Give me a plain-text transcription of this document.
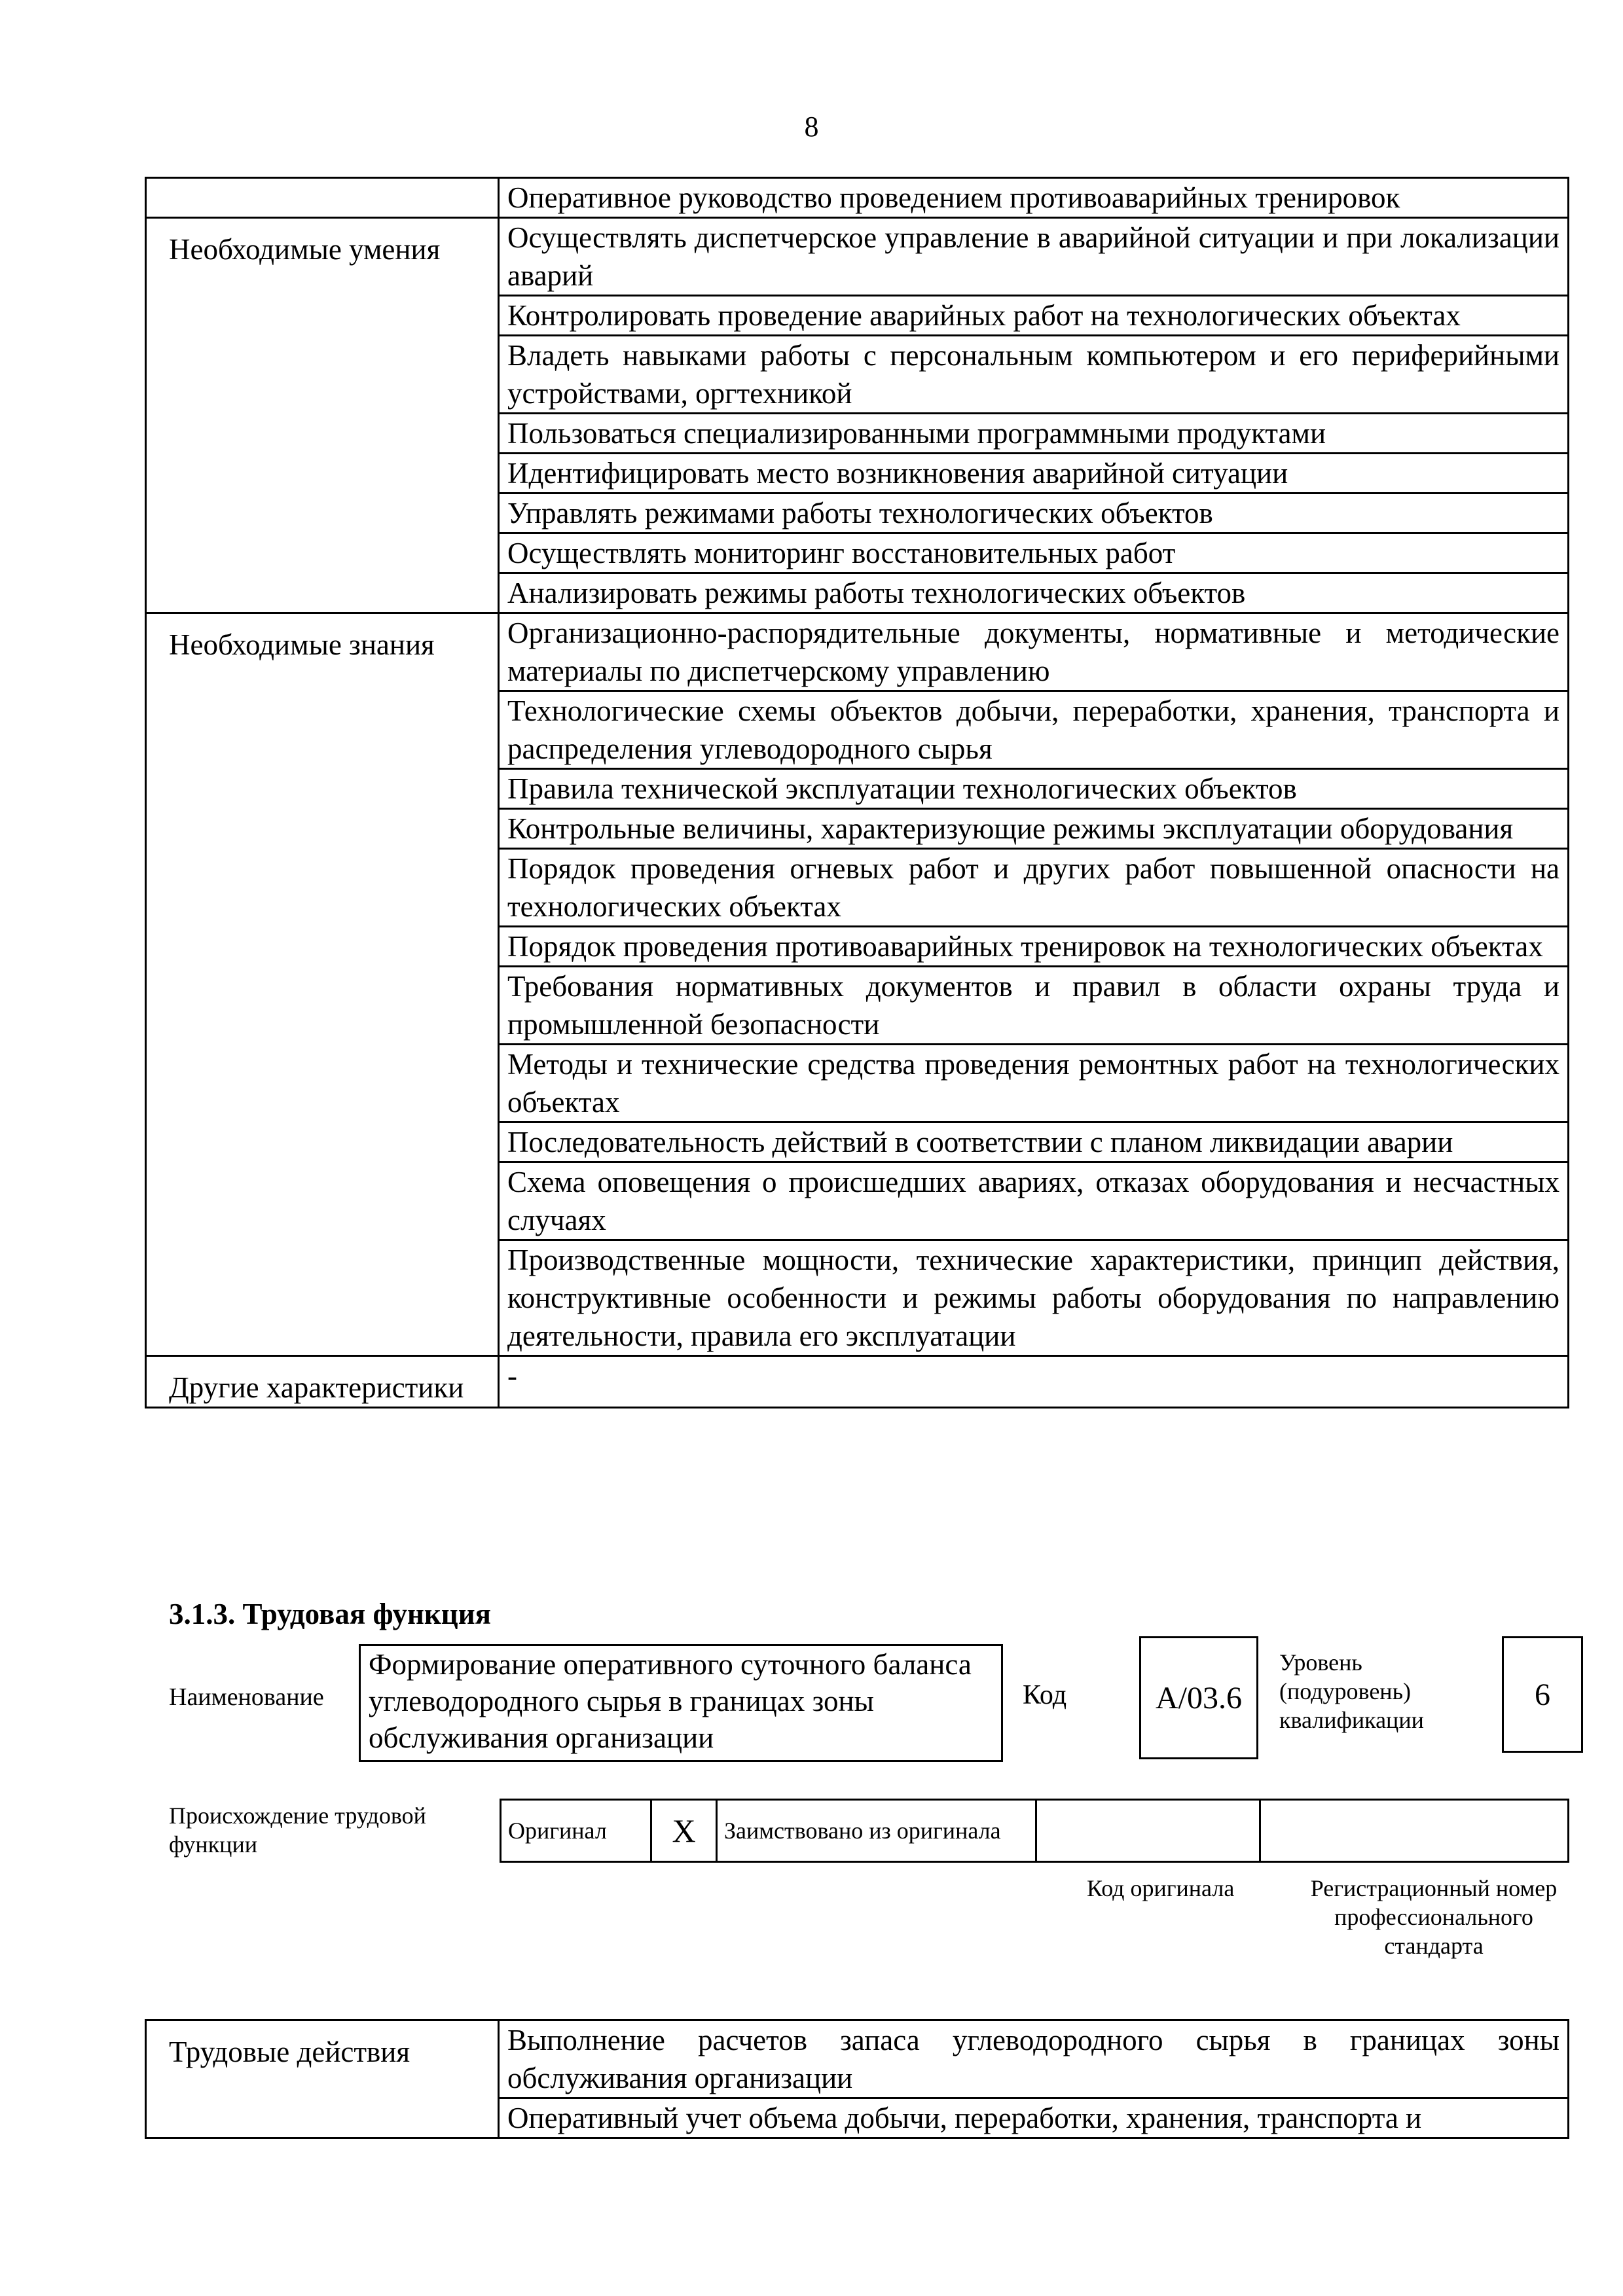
8
	Оперативное руководство проведением противоаварийных тренировок
Необходимые умения	Осуществлять диспетчерское управление в аварийной ситуации и при локализации аварий
	Контролировать проведение аварийных работ на технологических объектах
	Владеть навыками работы с персональным компьютером и его периферийными устройствами, оргтехникой
	Пользоваться специализированными программными продуктами
	Идентифицировать место возникновения аварийной ситуации
	Управлять режимами работы технологических объектов
	Осуществлять мониторинг восстановительных работ
	Анализировать режимы работы технологических объектов
Необходимые знания	Организационно-распорядительные документы, нормативные и методические материалы по диспетчерскому управлению
	Технологические схемы объектов добычи, переработки, хранения, транспорта и распределения углеводородного сырья
	Правила технической эксплуатации технологических объектов
	Контрольные величины, характеризующие режимы эксплуатации оборудования
	Порядок проведения огневых работ и других работ повышенной опасности на технологических объектах
	Порядок проведения противоаварийных тренировок на технологических объектах
	Требования нормативных документов и правил в области охраны труда и промышленной безопасности
	Методы и технические средства проведения ремонтных работ на технологических объектах
	Последовательность действий в соответствии с планом ликвидации аварии
	Схема оповещения о происшедших авариях, отказах оборудования и несчастных случаях
	Производственные мощности, технические характеристики, принцип действия, конструктивные особенности и режимы работы оборудования по направлению деятельности, правила его эксплуатации
Другие характеристики	-
3.1.3. Трудовая функция
Наименование
Формирование оперативного суточного баланса углеводородного сырья в границах зоны обслуживания организации
Код	А/03.6
Уровень (подуровень) квалификации
6
Происхождение трудовой функции
Оригинал	X	Заимствовано из оригинала		
Код оригинала	Регистрационный номер профессионального стандарта
Трудовые действия	Выполнение расчетов запаса углеводородного сырья в границах зоны обслуживания организации
Оперативный учет объема добычи, переработки, хранения, транспорта и
